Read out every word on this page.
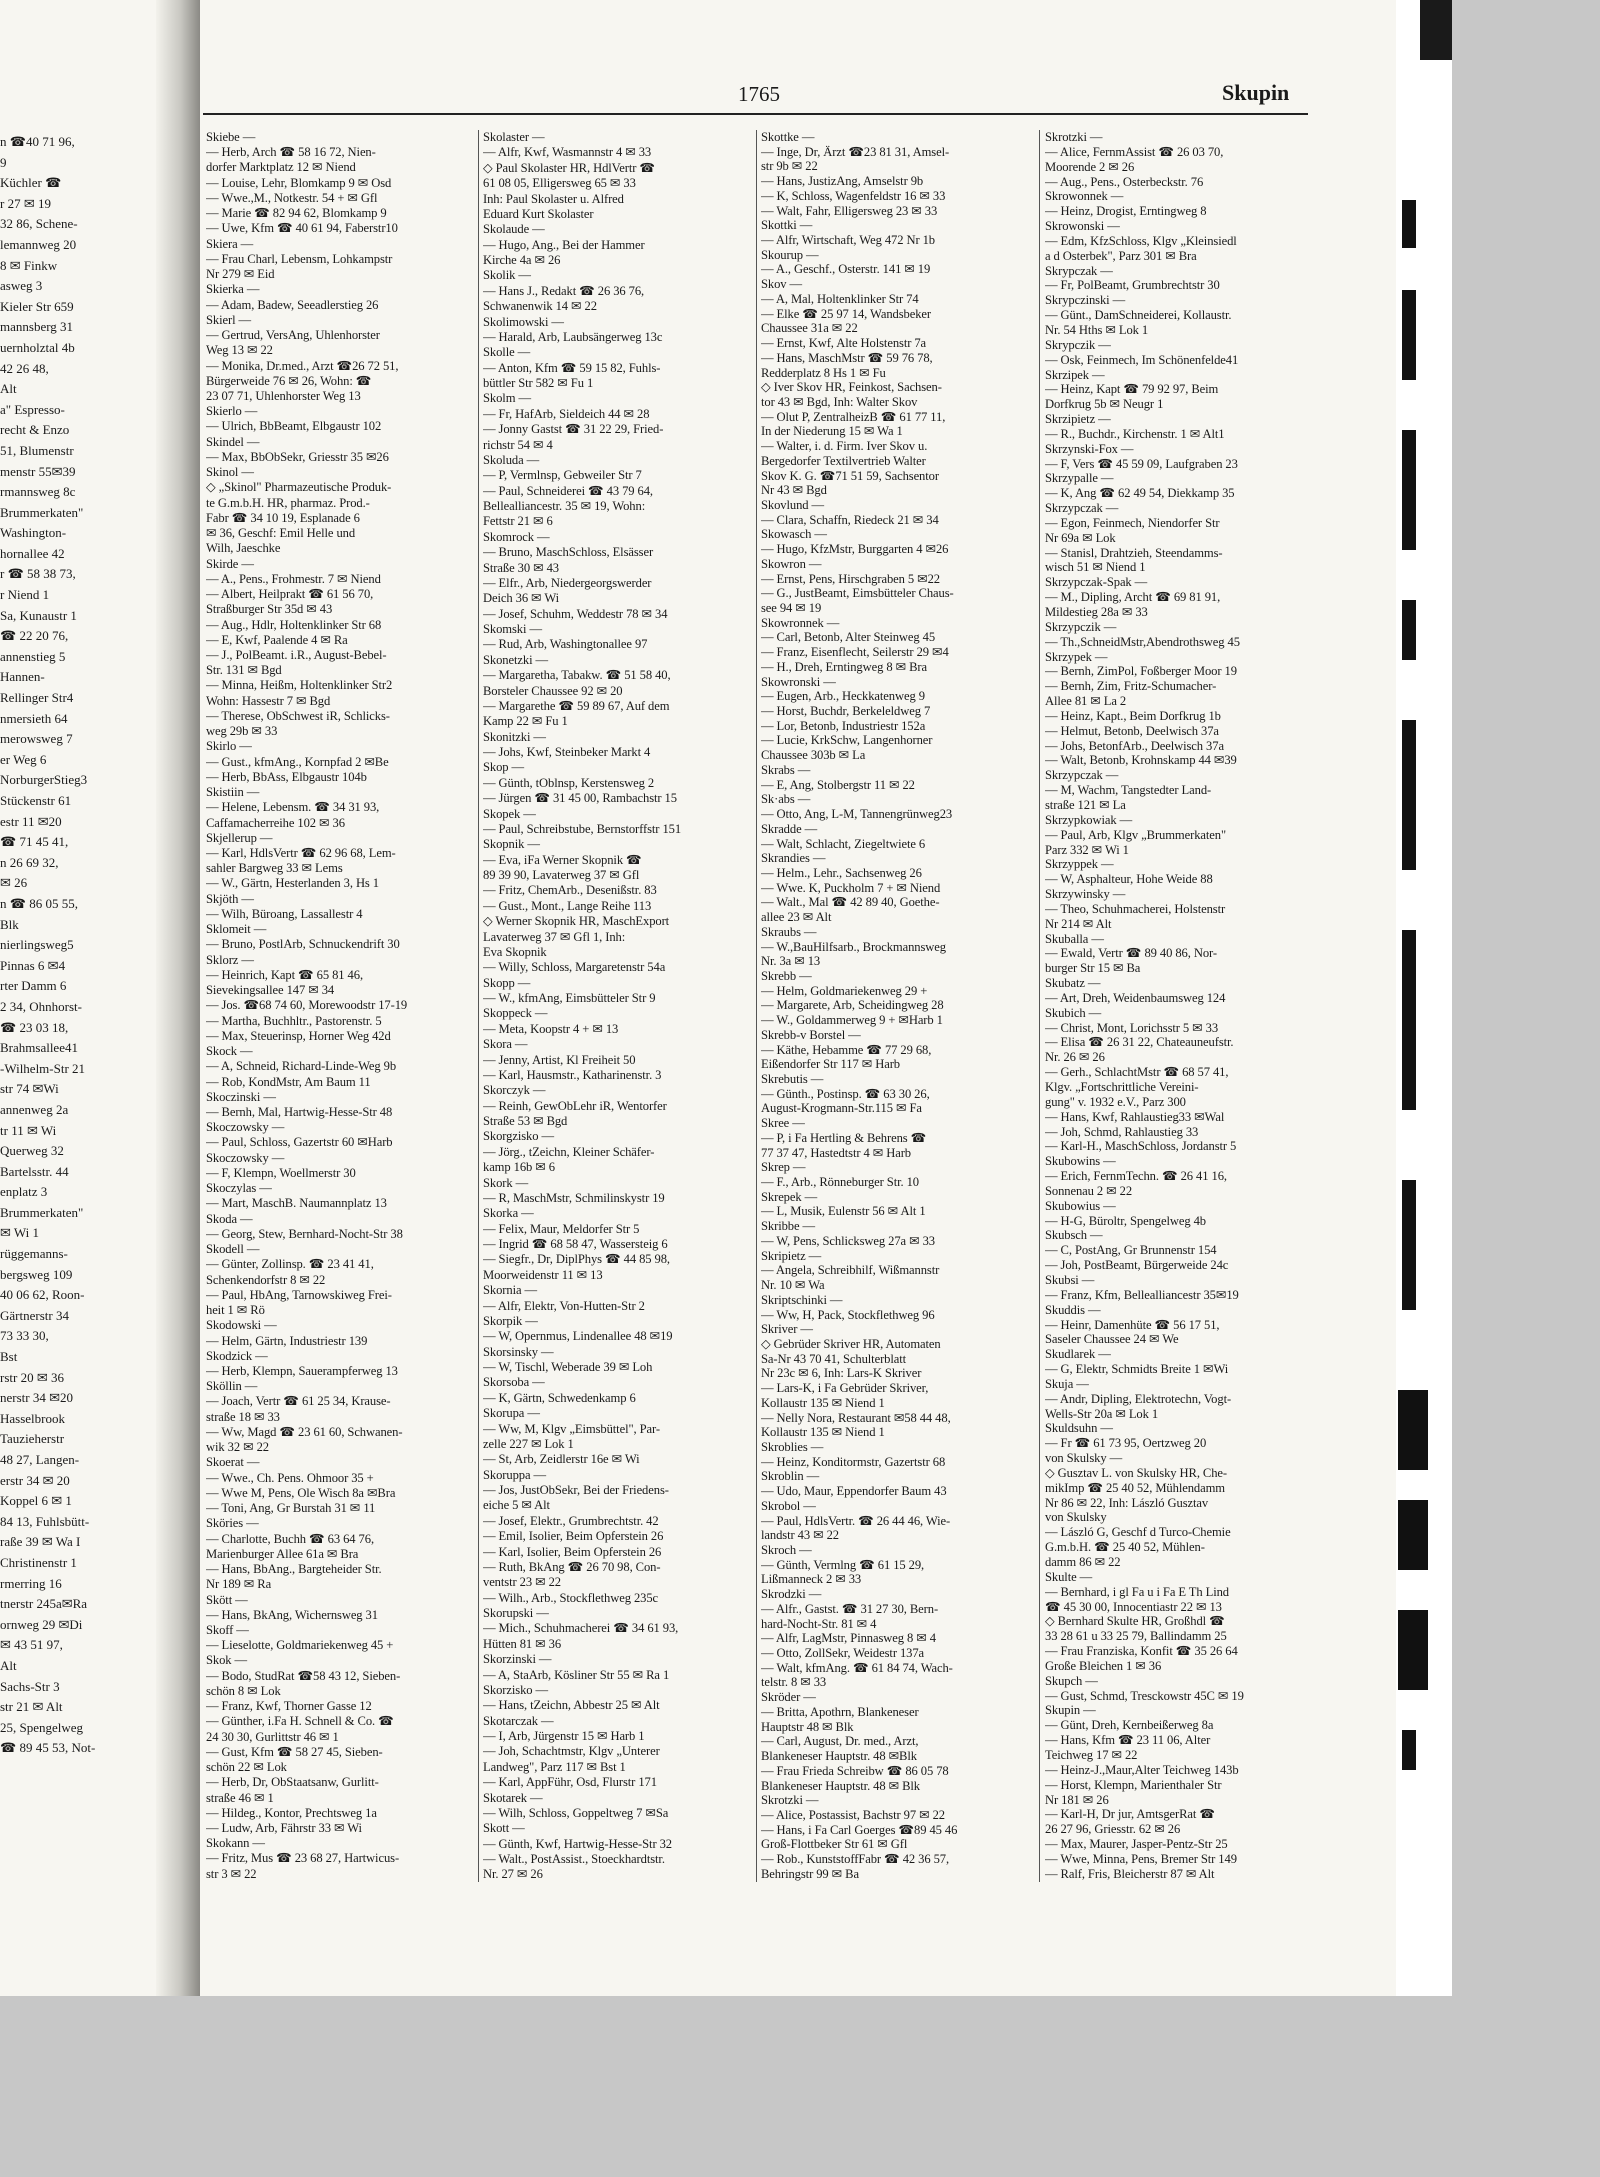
n ☎40 71 96,
9
Küchler ☎
r 27 ✉ 19
32 86, Schene-
lemannweg 20
8 ✉ Finkw
asweg 3
Kieler Str 659
mannsberg 31
uernholztal 4b
42 26 48,
Alt
a" Espresso-
recht & Enzo
51, Blumenstr
menstr 55✉39
rmannsweg 8c
Brummerkaten"
Washington-
hornallee 42
r ☎ 58 38 73,
r Niend 1
Sa, Kunaustr 1
☎ 22 20 76,
annenstieg 5
Hannen-
Rellinger Str4
nmersieth 64
merowsweg 7
er Weg 6
NorburgerStieg3
Stückenstr 61
estr 11 ✉20
☎ 71 45 41,
n 26 69 32,
✉ 26
n ☎ 86 05 55,
Blk
nierlingsweg5
Pinnas 6 ✉4
rter Damm 6
2 34, Ohnhorst-
☎ 23 03 18,
Brahmsallee41
-Wilhelm-Str 21
str 74 ✉Wi
annenweg 2a
tr 11 ✉ Wi
Querweg 32
Bartelsstr. 44
enplatz 3
Brummerkaten"
✉ Wi 1
rüggemanns-
bergsweg 109
40 06 62, Roon-
Gärtnerstr 34
73 33 30,
Bst
rstr 20 ✉ 36
nerstr 34 ✉20
Hasselbrook
Tauzieherstr
48 27, Langen-
erstr 34 ✉ 20
Koppel 6 ✉ 1
84 13, Fuhlsbütt-
raße 39 ✉ Wa I
Christinenstr 1
rmerring 16
tnerstr 245a✉Ra
ornweg 29 ✉Di
✉ 43 51 97,
Alt
Sachs-Str 3
str 21 ✉ Alt
25, Spengelweg
☎ 89 45 53, Not-
1765	Skupin
Skiebe —
— Herb, Arch ☎ 58 16 72, Nien-
dorfer Marktplatz 12 ✉ Niend
— Louise, Lehr, Blomkamp 9 ✉ Osd
— Wwe.,M., Notkestr. 54 + ✉ Gfl
— Marie ☎ 82 94 62, Blomkamp 9
— Uwe, Kfm ☎ 40 61 94, Faberstr10
Skiera —
— Frau Charl, Lebensm, Lohkampstr
Nr 279 ✉ Eid
Skierka —
— Adam, Badew, Seeadlerstieg 26
Skierl —
— Gertrud, VersAng, Uhlenhorster
Weg 13 ✉ 22
— Monika, Dr.med., Arzt ☎26 72 51,
Bürgerweide 76 ✉ 26, Wohn: ☎
23 07 71, Uhlenhorster Weg 13
Skierlo —
— Ulrich, BbBeamt, Elbgaustr 102
Skindel —
— Max, BbObSekr, Griesstr 35 ✉26
Skinol —
◇ „Skinol" Pharmazeutische Produk-
te G.m.b.H. HR, pharmaz. Prod.-
Fabr ☎ 34 10 19, Esplanade 6
✉ 36, Geschf: Emil Helle und
Wilh, Jaeschke
Skirde —
— A., Pens., Frohmestr. 7 ✉ Niend
— Albert, Heilprakt ☎ 61 56 70,
Straßburger Str 35d ✉ 43
— Aug., Hdlr, Holtenklinker Str 68
— E, Kwf, Paalende 4 ✉ Ra
— J., PolBeamt. i.R., August-Bebel-
Str. 131 ✉ Bgd
— Minna, Heißm, Holtenklinker Str2
Wohn: Hassestr 7 ✉ Bgd
— Therese, ObSchwest iR, Schlicks-
weg 29b ✉ 33
Skirlo —
— Gust., kfmAng., Kornpfad 2 ✉Be
— Herb, BbAss, Elbgaustr 104b
Skistiin —
— Helene, Lebensm. ☎ 34 31 93,
Caffamacherreihe 102 ✉ 36
Skjellerup —
— Karl, HdlsVertr ☎ 62 96 68, Lem-
sahler Bargweg 33 ✉ Lems
— W., Gärtn, Hesterlanden 3, Hs 1
Skjöth —
— Wilh, Büroang, Lassallestr 4
Sklomeit —
— Bruno, PostlArb, Schnuckendrift 30
Sklorz —
— Heinrich, Kapt ☎ 65 81 46,
Sievekingsallee 147 ✉ 34
— Jos. ☎68 74 60, Morewoodstr 17-19
— Martha, Buchhltr., Pastorenstr. 5
— Max, Steuerinsp, Horner Weg 42d
Skock —
— A, Schneid, Richard-Linde-Weg 9b
— Rob, KondMstr, Am Baum 11
Skoczinski —
— Bernh, Mal, Hartwig-Hesse-Str 48
Skoczowsky —
— Paul, Schloss, Gazertstr 60 ✉Harb
Skoczowsky —
— F, Klempn, Woellmerstr 30
Skoczylas —
— Mart, MaschB. Naumannplatz 13
Skoda —
— Georg, Stew, Bernhard-Nocht-Str 38
Skodell —
— Günter, Zollinsp. ☎ 23 41 41,
Schenkendorfstr 8 ✉ 22
— Paul, HbAng, Tarnowskiweg Frei-
heit 1 ✉ Rö
Skodowski —
— Helm, Gärtn, Industriestr 139
Skodzick —
— Herb, Klempn, Sauerampferweg 13
Sköllin —
— Joach, Vertr ☎ 61 25 34, Krause-
straße 18 ✉ 33
— Ww, Magd ☎ 23 61 60, Schwanen-
wik 32 ✉ 22
Skoerat —
— Wwe., Ch. Pens. Ohmoor 35 +
— Wwe M, Pens, Ole Wisch 8a ✉Bra
— Toni, Ang, Gr Burstah 31 ✉ 11
Sköries —
— Charlotte, Buchh ☎ 63 64 76,
Marienburger Allee 61a ✉ Bra
— Hans, BbAng., Bargteheider Str.
Nr 189 ✉ Ra
Skött —
— Hans, BkAng, Wichernsweg 31
Skoff —
— Lieselotte, Goldmariekenweg 45 +
Skok —
— Bodo, StudRat ☎58 43 12, Sieben-
schön 8 ✉ Lok
— Franz, Kwf, Thorner Gasse 12
— Günther, i.Fa H. Schnell & Co. ☎
24 30 30, Gurlittstr 46 ✉ 1
— Gust, Kfm ☎ 58 27 45, Sieben-
schön 22 ✉ Lok
— Herb, Dr, ObStaatsanw, Gurlitt-
straße 46 ✉ 1
— Hildeg., Kontor, Prechtsweg 1a
— Ludw, Arb, Fährstr 33 ✉ Wi
Skokann —
— Fritz, Mus ☎ 23 68 27, Hartwicus-
str 3 ✉ 22
Skolaster —
— Alfr, Kwf, Wasmannstr 4 ✉ 33
◇ Paul Skolaster HR, HdlVertr ☎
61 08 05, Elligersweg 65 ✉ 33
Inh: Paul Skolaster u. Alfred
Eduard Kurt Skolaster
Skolaude —
— Hugo, Ang., Bei der Hammer
Kirche 4a ✉ 26
Skolik —
— Hans J., Redakt ☎ 26 36 76,
Schwanenwik 14 ✉ 22
Skolimowski —
— Harald, Arb, Laubsängerweg 13c
Skolle —
— Anton, Kfm ☎ 59 15 82, Fuhls-
büttler Str 582 ✉ Fu 1
Skolm —
— Fr, HafArb, Sieldeich 44 ✉ 28
— Jonny Gastst ☎ 31 22 29, Fried-
richstr 54 ✉ 4
Skoluda —
— P, Vermlnsp, Gebweiler Str 7
— Paul, Schneiderei ☎ 43 79 64,
Bellealliancestr. 35 ✉ 19, Wohn:
Fettstr 21 ✉ 6
Skomrock —
— Bruno, MaschSchloss, Elsässer
Straße 30 ✉ 43
— Elfr., Arb, Niedergeorgswerder
Deich 36 ✉ Wi
— Josef, Schuhm, Weddestr 78 ✉ 34
Skomski —
— Rud, Arb, Washingtonallee 97
Skonetzki —
— Margaretha, Tabakw. ☎ 51 58 40,
Borsteler Chaussee 92 ✉ 20
— Margarethe ☎ 59 89 67, Auf dem
Kamp 22 ✉ Fu 1
Skonitzki —
— Johs, Kwf, Steinbeker Markt 4
Skop —
— Günth, tOblnsp, Kerstensweg 2
— Jürgen ☎ 31 45 00, Rambachstr 15
Skopek —
— Paul, Schreibstube, Bernstorffstr 151
Skopnik —
— Eva, iFa Werner Skopnik ☎
89 39 90, Lavaterweg 37 ✉ Gfl
— Fritz, ChemArb., Desenißstr. 83
— Gust., Mont., Lange Reihe 113
◇ Werner Skopnik HR, MaschExport
Lavaterweg 37 ✉ Gfl 1, Inh:
Eva Skopnik
— Willy, Schloss, Margaretenstr 54a
Skopp —
— W., kfmAng, Eimsbütteler Str 9
Skoppeck —
— Meta, Koopstr 4 + ✉ 13
Skora —
— Jenny, Artist, Kl Freiheit 50
— Karl, Hausmstr., Katharinenstr. 3
Skorczyk —
— Reinh, GewObLehr iR, Wentorfer
Straße 53 ✉ Bgd
Skorgzisko —
— Jörg., tZeichn, Kleiner Schäfer-
kamp 16b ✉ 6
Skork —
— R, MaschMstr, Schmilinskystr 19
Skorka —
— Felix, Maur, Meldorfer Str 5
— Ingrid ☎ 68 58 47, Wassersteig 6
— Siegfr., Dr, DiplPhys ☎ 44 85 98,
Moorweidenstr 11 ✉ 13
Skornia —
— Alfr, Elektr, Von-Hutten-Str 2
Skorpik —
— W, Opernmus, Lindenallee 48 ✉19
Skorsinsky —
— W, Tischl, Weberade 39 ✉ Loh
Skorsoba —
— K, Gärtn, Schwedenkamp 6
Skorupa —
— Ww, M, Klgv „Eimsbüttel", Par-
zelle 227 ✉ Lok 1
— St, Arb, Zeidlerstr 16e ✉ Wi
Skoruppa —
— Jos, JustObSekr, Bei der Friedens-
eiche 5 ✉ Alt
— Josef, Elektr., Grumbrechtstr. 42
— Emil, Isolier, Beim Opferstein 26
— Karl, Isolier, Beim Opferstein 26
— Ruth, BkAng ☎ 26 70 98, Con-
ventstr 23 ✉ 22
— Wilh., Arb., Stockflethweg 235c
Skorupski —
— Mich., Schuhmacherei ☎ 34 61 93,
Hütten 81 ✉ 36
Skorzinski —
— A, StaArb, Kösliner Str 55 ✉ Ra 1
Skorzisko —
— Hans, tZeichn, Abbestr 25 ✉ Alt
Skotarczak —
— I, Arb, Jürgenstr 15 ✉ Harb 1
— Joh, Schachtmstr, Klgv „Unterer
Landweg", Parz 117 ✉ Bst 1
— Karl, AppFühr, Osd, Flurstr 171
Skotarek —
— Wilh, Schloss, Goppeltweg 7 ✉Sa
Skott —
— Günth, Kwf, Hartwig-Hesse-Str 32
— Walt., PostAssist., Stoeckhardtstr.
Nr. 27 ✉ 26
Skottke —
— Inge, Dr, Ärzt ☎23 81 31, Amsel-
str 9b ✉ 22
— Hans, JustizAng, Amselstr 9b
— K, Schloss, Wagenfeldstr 16 ✉ 33
— Walt, Fahr, Elligersweg 23 ✉ 33
Skottki —
— Alfr, Wirtschaft, Weg 472 Nr 1b
Skourup —
— A., Geschf., Osterstr. 141 ✉ 19
Skov —
— A, Mal, Holtenklinker Str 74
— Elke ☎ 25 97 14, Wandsbeker
Chaussee 31a ✉ 22
— Ernst, Kwf, Alte Holstenstr 7a
— Hans, MaschMstr ☎ 59 76 78,
Redderplatz 8 Hs 1 ✉ Fu
◇ Iver Skov HR, Feinkost, Sachsen-
tor 43 ✉ Bgd, Inh: Walter Skov
— Olut P, ZentralheizB ☎ 61 77 11,
In der Niederung 15 ✉ Wa 1
— Walter, i. d. Firm. Iver Skov u.
Bergedorfer Textilvertrieb Walter
Skov K. G. ☎71 51 59, Sachsentor
Nr 43 ✉ Bgd
Skovlund —
— Clara, Schaffn, Riedeck 21 ✉ 34
Skowasch —
— Hugo, KfzMstr, Burggarten 4 ✉26
Skowron —
— Ernst, Pens, Hirschgraben 5 ✉22
— G., JustBeamt, Eimsbütteler Chaus-
see 94 ✉ 19
Skowronnek —
— Carl, Betonb, Alter Steinweg 45
— Franz, Eisenflecht, Seilerstr 29 ✉4
— H., Dreh, Erntingweg 8 ✉ Bra
Skowronski —
— Eugen, Arb., Heckkatenweg 9
— Horst, Buchdr, Berkeleldweg 7
— Lor, Betonb, Industriestr 152a
— Lucie, KrkSchw, Langenhorner
Chaussee 303b ✉ La
Skrabs —
— E, Ang, Stolbergstr 11 ✉ 22
Sk·abs —
— Otto, Ang, L-M, Tannengrünweg23
Skradde —
— Walt, Schlacht, Ziegeltwiete 6
Skrandies —
— Helm., Lehr., Sachsenweg 26
— Wwe. K, Puckholm 7 + ✉ Niend
— Walt., Mal ☎ 42 89 40, Goethe-
allee 23 ✉ Alt
Skraubs —
— W.,BauHilfsarb., Brockmannsweg
Nr. 3a ✉ 13
Skrebb —
— Helm, Goldmariekenweg 29 +
— Margarete, Arb, Scheidingweg 28
— W., Goldammerweg 9 + ✉Harb 1
Skrebb-v Borstel —
— Käthe, Hebamme ☎ 77 29 68,
Eißendorfer Str 117 ✉ Harb
Skrebutis —
— Günth., Postinsp. ☎ 63 30 26,
August-Krogmann-Str.115 ✉ Fa
Skree —
— P, i Fa Hertling & Behrens ☎
77 37 47, Hastedtstr 4 ✉ Harb
Skrep —
— F., Arb., Rönneburger Str. 10
Skrepek —
— L, Musik, Eulenstr 56 ✉ Alt 1
Skribbe —
— W, Pens, Schlicksweg 27a ✉ 33
Skripietz —
— Angela, Schreibhilf, Wißmannstr
Nr. 10 ✉ Wa
Skriptschinki —
— Ww, H, Pack, Stockflethweg 96
Skriver —
◇ Gebrüder Skriver HR, Automaten
Sa-Nr 43 70 41, Schulterblatt
Nr 23c ✉ 6, Inh: Lars-K Skriver
— Lars-K, i Fa Gebrüder Skriver,
Kollaustr 135 ✉ Niend 1
— Nelly Nora, Restaurant ✉58 44 48,
Kollaustr 135 ✉ Niend 1
Skroblies —
— Heinz, Konditormstr, Gazertstr 68
Skroblin —
— Udo, Maur, Eppendorfer Baum 43
Skrobol —
— Paul, HdlsVertr. ☎ 26 44 46, Wie-
landstr 43 ✉ 22
Skroch —
— Günth, Vermlng ☎ 61 15 29,
Lißmanneck 2 ✉ 33
Skrodzki —
— Alfr., Gastst. ☎ 31 27 30, Bern-
hard-Nocht-Str. 81 ✉ 4
— Alfr, LagMstr, Pinnasweg 8 ✉ 4
— Otto, ZollSekr, Weidestr 137a
— Walt, kfmAng. ☎ 61 84 74, Wach-
telstr. 8 ✉ 33
Skröder —
— Britta, Apothrn, Blankeneser
Hauptstr 48 ✉ Blk
— Carl, August, Dr. med., Arzt,
Blankeneser Hauptstr. 48 ✉Blk
— Frau Frieda Schreibw ☎ 86 05 78
Blankeneser Hauptstr. 48 ✉ Blk
Skrotzki —
— Alice, Postassist, Bachstr 97 ✉ 22
— Hans, i Fa Carl Goerges ☎89 45 46
Groß-Flottbeker Str 61 ✉ Gfl
— Rob., KunststoffFabr ☎ 42 36 57,
Behringstr 99 ✉ Ba
Skrotzki —
— Alice, FernmAssist ☎ 26 03 70,
Moorende 2 ✉ 26
— Aug., Pens., Osterbeckstr. 76
Skrowonnek —
— Heinz, Drogist, Erntingweg 8
Skrowonski —
— Edm, KfzSchloss, Klgv „Kleinsiedl
a d Osterbek", Parz 301 ✉ Bra
Skrypczak —
— Fr, PolBeamt, Grumbrechtstr 30
Skrypczinski —
— Günt., DamSchneiderei, Kollaustr.
Nr. 54 Hths ✉ Lok 1
Skrypczik —
— Osk, Feinmech, Im Schönenfelde41
Skrzipek —
— Heinz, Kapt ☎ 79 92 97, Beim
Dorfkrug 5b ✉ Neugr 1
Skrzipietz —
— R., Buchdr., Kirchenstr. 1 ✉ Alt1
Skrzynski-Fox —
— F, Vers ☎ 45 59 09, Laufgraben 23
Skrzypalle —
— K, Ang ☎ 62 49 54, Diekkamp 35
Skrzypczak —
— Egon, Feinmech, Niendorfer Str
Nr 69a ✉ Lok
— Stanisl, Drahtzieh, Steendamms-
wisch 51 ✉ Niend 1
Skrzypczak-Spak —
— M., Dipling, Archt ☎ 69 81 91,
Mildestieg 28a ✉ 33
Skrzypczik —
— Th.,SchneidMstr,Abendrothsweg 45
Skrzypek —
— Bernh, ZimPol, Foßberger Moor 19
— Bernh, Zim, Fritz-Schumacher-
Allee 81 ✉ La 2
— Heinz, Kapt., Beim Dorfkrug 1b
— Helmut, Betonb, Deelwisch 37a
— Johs, BetonfArb., Deelwisch 37a
— Walt, Betonb, Krohnskamp 44 ✉39
Skrzypczak —
— M, Wachm, Tangstedter Land-
straße 121 ✉ La
Skrzypkowiak —
— Paul, Arb, Klgv „Brummerkaten"
Parz 332 ✉ Wi 1
Skrzyppek —
— W, Asphalteur, Hohe Weide 88
Skrzywinsky —
— Theo, Schuhmacherei, Holstenstr
Nr 214 ✉ Alt
Skuballa —
— Ewald, Vertr ☎ 89 40 86, Nor-
burger Str 15 ✉ Ba
Skubatz —
— Art, Dreh, Weidenbaumsweg 124
Skubich —
— Christ, Mont, Lorichsstr 5 ✉ 33
— Elisa ☎ 26 31 22, Chateauneufstr.
Nr. 26 ✉ 26
— Gerh., SchlachtMstr ☎ 68 57 41,
Klgv. „Fortschrittliche Vereini-
gung" v. 1932 e.V., Parz 300
— Hans, Kwf, Rahlaustieg33 ✉Wal
— Joh, Schmd, Rahlaustieg 33
— Karl-H., MaschSchloss, Jordanstr 5
Skubowins —
— Erich, FernmTechn. ☎ 26 41 16,
Sonnenau 2 ✉ 22
Skubowius —
— H-G, Büroltr, Spengelweg 4b
Skubsch —
— C, PostAng, Gr Brunnenstr 154
— Joh, PostBeamt, Bürgerweide 24c
Skubsi —
— Franz, Kfm, Bellealliancestr 35✉19
Skuddis —
— Heinr, Damenhüte ☎ 56 17 51,
Saseler Chaussee 24 ✉ We
Skudlarek —
— G, Elektr, Schmidts Breite 1 ✉Wi
Skuja —
— Andr, Dipling, Elektrotechn, Vogt-
Wells-Str 20a ✉ Lok 1
Skuldsuhn —
— Fr ☎ 61 73 95, Oertzweg 20
von Skulsky —
◇ Gusztav L. von Skulsky HR, Che-
mikImp ☎ 25 40 52, Mühlendamm
Nr 86 ✉ 22, Inh: László Gusztav
von Skulsky
— László G, Geschf d Turco-Chemie
G.m.b.H. ☎ 25 40 52, Mühlen-
damm 86 ✉ 22
Skulte —
— Bernhard, i gl Fa u i Fa E Th Lind
☎ 45 30 00, Innocentiastr 22 ✉ 13
◇ Bernhard Skulte HR, Großhdl ☎
33 28 61 u 33 25 79, Ballindamm 25
— Frau Franziska, Konfit ☎ 35 26 64
Große Bleichen 1 ✉ 36
Skupch —
— Gust, Schmd, Tresckowstr 45C ✉ 19
Skupin —
— Günt, Dreh, Kernbeißerweg 8a
— Hans, Kfm ☎ 23 11 06, Alter
Teichweg 17 ✉ 22
— Heinz-J.,Maur,Alter Teichweg 143b
— Horst, Klempn, Marienthaler Str
Nr 181 ✉ 26
— Karl-H, Dr jur, AmtsgerRat ☎
26 27 96, Griesstr. 62 ✉ 26
— Max, Maurer, Jasper-Pentz-Str 25
— Wwe, Minna, Pens, Bremer Str 149
— Ralf, Fris, Bleicherstr 87 ✉ Alt
